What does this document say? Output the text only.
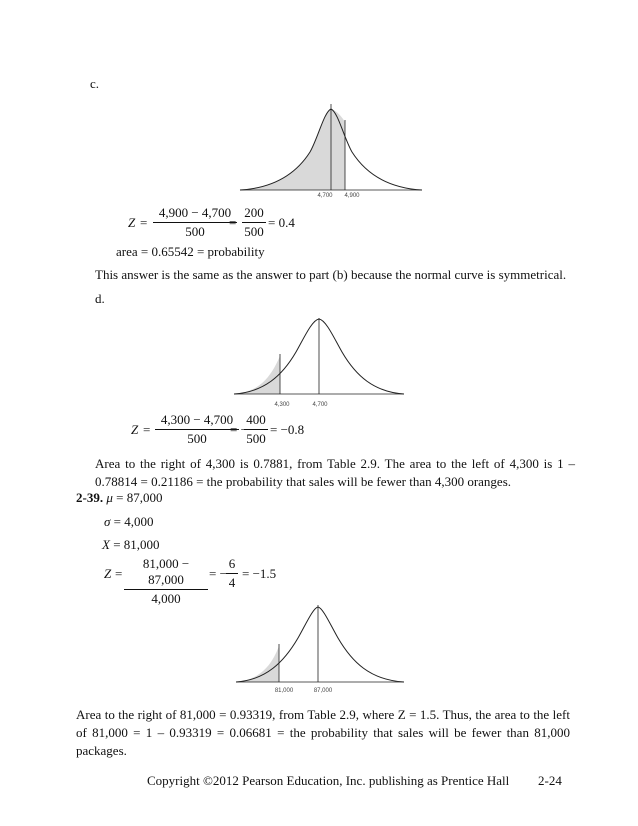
c.
4,700 4,900
$Z = \frac{4,900 - 4,700}{500}$
= $\frac{200}{500} = 0.4$
area = 0.65542 = probability
This answer is the same as the answer to part (b) because the normal curve is symmetrical.
d.
4,300	4,700
$Z = \frac{4,300 - 4,700}{500}$
= −
$\frac{400}{500} = -0.8$
Area to the right of 4,300 is 0.7881, from Table 2.9. The area to the left of 4,300 is 1 – 0.78814 = 0.21186 = the probability that sales will be fewer than 4,300 oranges.
2-39. μ = 87,000
σ = 4,000
X = 81,000
$Z = \frac{81,000 - 87,000}{4,000}$ = − $\frac{6}{4} = -1.5$
81,000	87,000
Area to the right of 81,000 = 0.93319, from Table 2.9, where Z = 1.5. Thus, the area to the left of 81,000 = 1 – 0.93319 = 0.06681 = the probability that sales will be fewer than 81,000 packages.
Copyright ©2012 Pearson Education, Inc. publishing as Prentice Hall 2-24
